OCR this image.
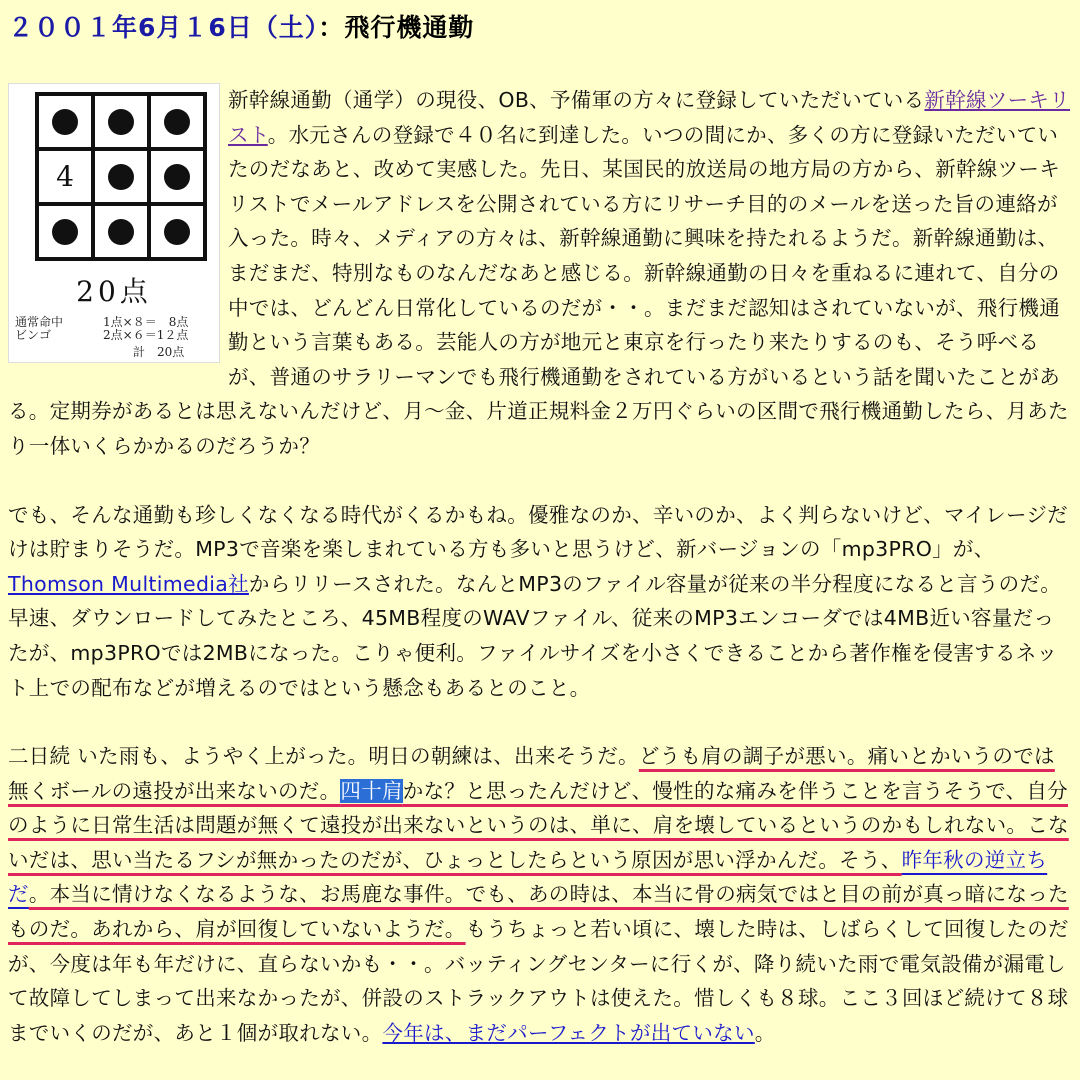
２００１年6月１6日（土）：飛行機通勤
4
20点
通常命中
ビンゴ
1点×８＝　8点
2点×６＝1２点
計　20点

新幹線通勤（通学）の現役、OB、予備軍の方々に登録していただいている新幹線ツーキリスト。水元さんの登録で４０名に到達した。いつの間にか、多くの方に登録いただいていたのだなあと、改めて実感した。先日、某国民的放送局の地方局の方から、新幹線ツーキリストでメールアドレスを公開されている方にリサーチ目的のメールを送った旨の連絡が入った。時々、メディアの方々は、新幹線通勤に興味を持たれるようだ。新幹線通勤は、まだまだ、特別なものなんだなあと感じる。新幹線通勤の日々を重ねるに連れて、自分の中では、どんどん日常化しているのだが・・。まだまだ認知はされていないが、飛行機通勤という言葉もある。芸能人の方が地元と東京を行ったり来たりするのも、そう呼べるが、普通のサラリーマンでも飛行機通勤をされている方がいるという話を聞いたことがある。定期券があるとは思えないんだけど、月～金、片道正規料金２万円ぐらいの区間で飛行機通勤したら、月あたり一体いくらかかるのだろうか？

でも、そんな通勤も珍しくなくなる時代がくるかもね。優雅なのか、辛いのか、よく判らないけど、マイレージだけは貯まりそうだ。MP3で音楽を楽しまれている方も多いと思うけど、新バージョンの「mp3PRO」が、Thomson Multimedia社からリリースされた。なんとMP3のファイル容量が従来の半分程度になると言うのだ。早速、ダウンロードしてみたところ、45MB程度のWAVファイル、従来のMP3エンコーダでは4MB近い容量だったが、mp3PROでは2MBになった。こりゃ便利。ファイルサイズを小さくできることから著作権を侵害するネット上での配布などが増えるのではという懸念もあるとのこと。

二日続 いた雨も、ようやく上がった。明日の朝練は、出来そうだ。どうも肩の調子が悪い。痛いとかいうのでは無くボールの遠投が出来ないのだ。四十肩かな？と思ったんだけど、慢性的な痛みを伴うことを言うそうで、自分のように日常生活は問題が無くて遠投が出来ないというのは、単に、肩を壊しているというのかもしれない。こないだは、思い当たるフシが無かったのだが、ひょっとしたらという原因が思い浮かんだ。そう、昨年秋の逆立ちだ。本当に情けなくなるような、お馬鹿な事件。でも、あの時は、本当に骨の病気ではと目の前が真っ暗になったものだ。あれから、肩が回復していないようだ。もうちょっと若い頃に、壊した時は、しばらくして回復したのだが、今度は年も年だけに、直らないかも・・。バッティングセンターに行くが、降り続いた雨で電気設備が漏電して故障してしまって出来なかったが、併設のストラックアウトは使えた。惜しくも８球。ここ３回ほど続けて８球までいくのだが、あと１個が取れない。今年は、まだパーフェクトが出ていない。
